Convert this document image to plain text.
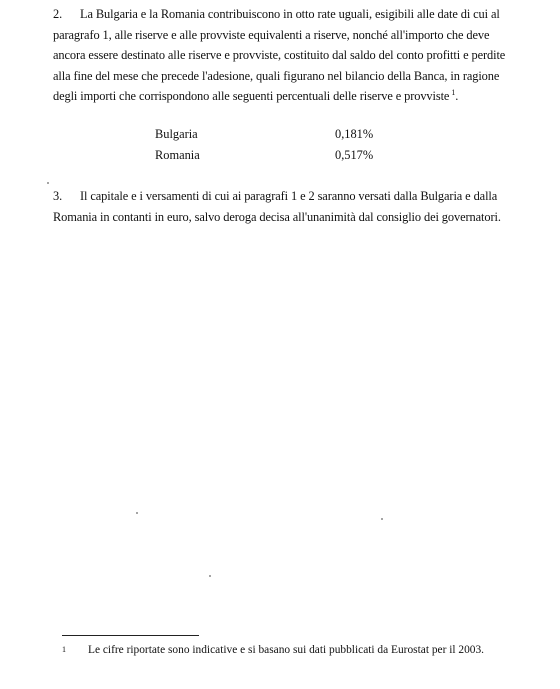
2. La Bulgaria e la Romania contribuiscono in otto rate uguali, esigibili alle date di cui al paragrafo 1, alle riserve e alle provviste equivalenti a riserve, nonché all'importo che deve ancora essere destinato alle riserve e provviste, costituito dal saldo del conto profitti e perdite alla fine del mese che precede l'adesione, quali figurano nel bilancio della Banca, in ragione degli importi che corrispondono alle seguenti percentuali delle riserve e provviste $^1$.
Bulgaria	0,181%
Romania	0,517%
3. Il capitale e i versamenti di cui ai paragrafi 1 e 2 saranno versati dalla Bulgaria e dalla Romania in contanti in euro, salvo deroga decisa all'unanimità dal consiglio dei governatori.
1 Le cifre riportate sono indicative e si basano sui dati pubblicati da Eurostat per il 2003.
